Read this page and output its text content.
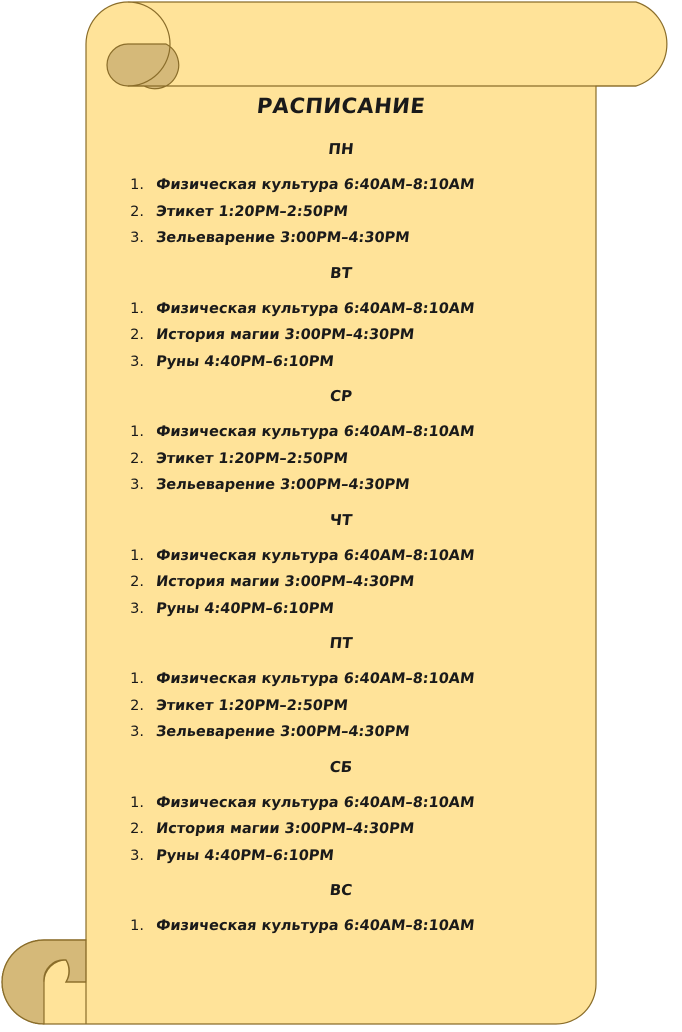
РАСПИСАНИЕ
ПН
1. Физическая культура 6:40AM–8:10AM
2. Этикет 1:20PM–2:50PM
3. Зельеварение 3:00PM–4:30PM
ВТ
1. Физическая культура 6:40AM–8:10AM
2. История магии 3:00PM–4:30PM
3. Руны 4:40PM–6:10PM
СР
1. Физическая культура 6:40AM–8:10AM
2. Этикет 1:20PM–2:50PM
3. Зельеварение 3:00PM–4:30PM
ЧТ
1. Физическая культура 6:40AM–8:10AM
2. История магии 3:00PM–4:30PM
3. Руны 4:40PM–6:10PM
ПТ
1. Физическая культура 6:40AM–8:10AM
2. Этикет 1:20PM–2:50PM
3. Зельеварение 3:00PM–4:30PM
СБ
1. Физическая культура 6:40AM–8:10AM
2. История магии 3:00PM–4:30PM
3. Руны 4:40PM–6:10PM
ВС
1. Физическая культура 6:40AM–8:10AM
